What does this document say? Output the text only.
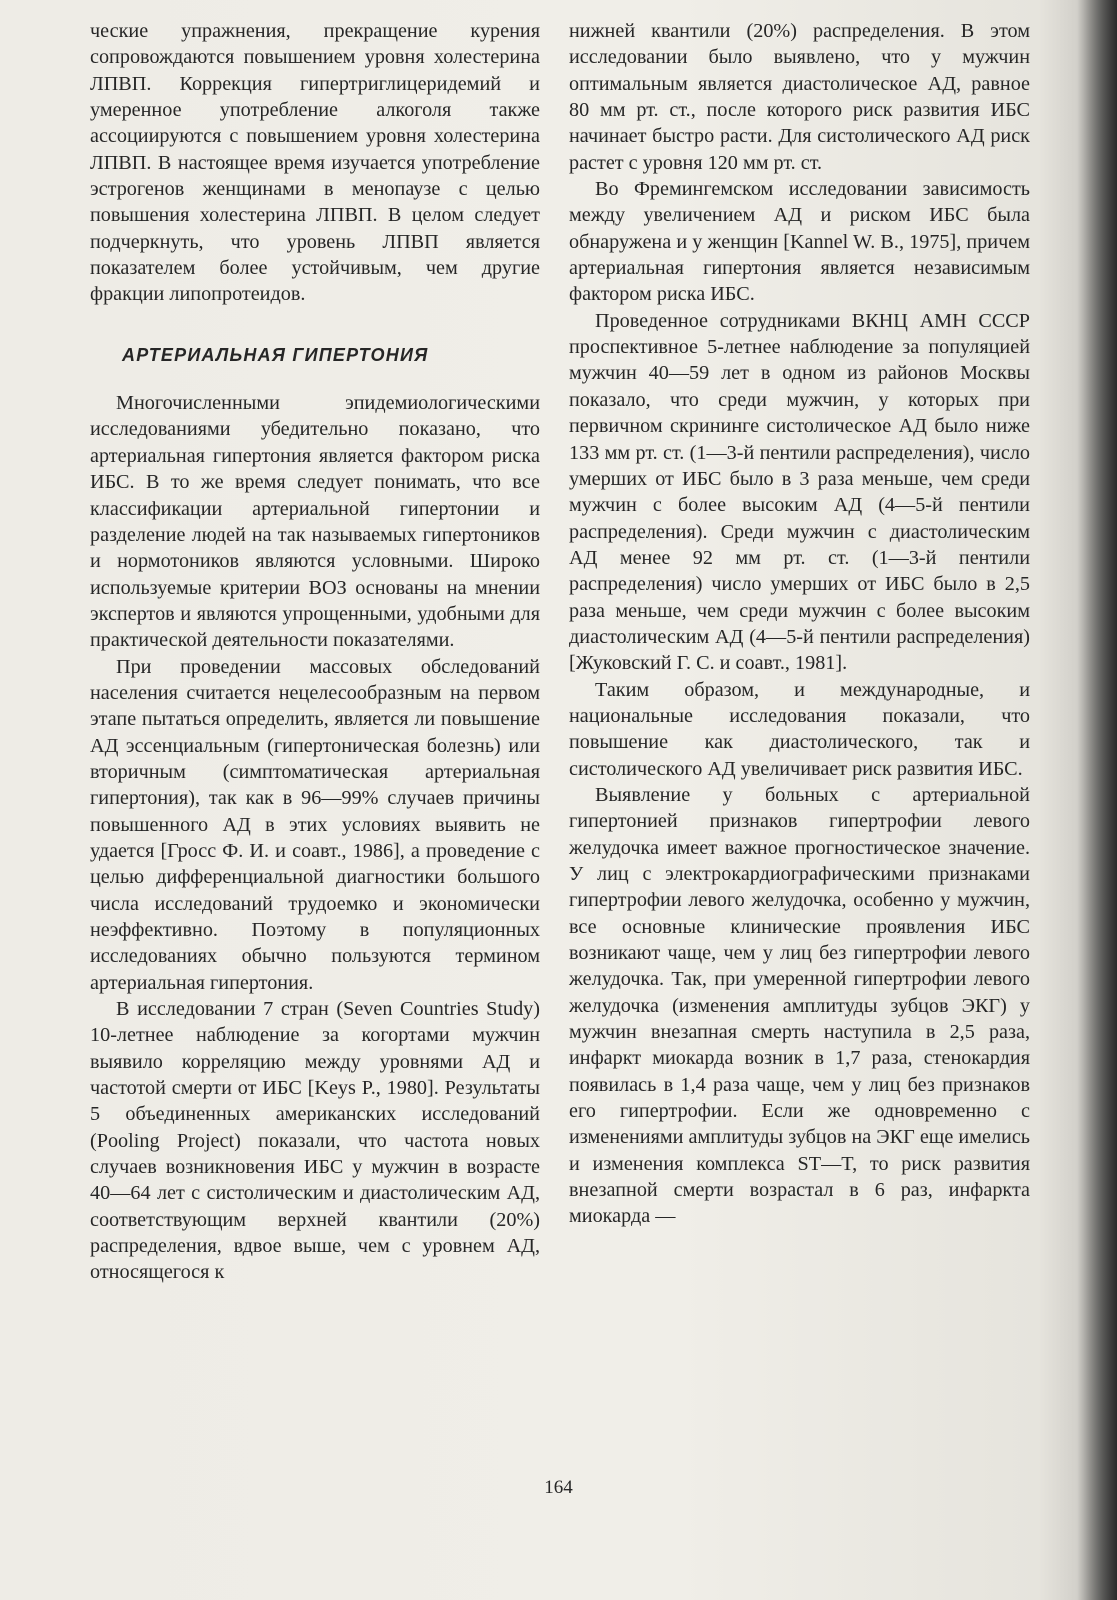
ческие упражнения, прекращение курения сопровождаются повышением уровня холестерина ЛПВП. Коррекция гипертриглицеридемий и умеренное употребление алкоголя также ассоциируются с повышением уровня холестерина ЛПВП. В настоящее время изучается употребление эстрогенов женщинами в менопаузе с целью повышения холестерина ЛПВП. В целом следует подчеркнуть, что уровень ЛПВП является показателем более устойчивым, чем другие фракции липопротеидов.

АРТЕРИАЛЬНАЯ ГИПЕРТОНИЯ

Многочисленными эпидемиологическими исследованиями убедительно показано, что артериальная гипертония является фактором риска ИБС. В то же время следует понимать, что все классификации артериальной гипертонии и разделение людей на так называемых гипертоников и нормотоников являются условными. Широко используемые критерии ВОЗ основаны на мнении экспертов и являются упрощенными, удобными для практической деятельности показателями.

При проведении массовых обследований населения считается нецелесообразным на первом этапе пытаться определить, является ли повышение АД эссенциальным (гипертоническая болезнь) или вторичным (симптоматическая артериальная гипертония), так как в 96—99% случаев причины повышенного АД в этих условиях выявить не удается [Гросс Ф. И. и соавт., 1986], а проведение с целью дифференциальной диагностики большого числа исследований трудоемко и экономически неэффективно. Поэтому в популяционных исследованиях обычно пользуются термином артериальная гипертония.

В исследовании 7 стран (Seven Countries Study) 10-летнее наблюдение за когортами мужчин выявило корреляцию между уровнями АД и частотой смерти от ИБС [Keys P., 1980]. Результаты 5 объединенных американских исследований (Pooling Project) показали, что частота новых случаев возникновения ИБС у мужчин в возрасте 40—64 лет с систолическим и диастолическим АД, соответствующим верхней квантили (20%) распределения, вдвое выше, чем с уровнем АД, относящегося к

нижней квантили (20%) распределения. В этом исследовании было выявлено, что у мужчин оптимальным является диастолическое АД, равное 80 мм рт. ст., после которого риск развития ИБС начинает быстро расти. Для систолического АД риск растет с уровня 120 мм рт. ст.

Во Фремингемском исследовании зависимость между увеличением АД и риском ИБС была обнаружена и у женщин [Kannel W. B., 1975], причем артериальная гипертония является независимым фактором риска ИБС.

Проведенное сотрудниками ВКНЦ АМН СССР проспективное 5-летнее наблюдение за популяцией мужчин 40—59 лет в одном из районов Москвы показало, что среди мужчин, у которых при первичном скрининге систолическое АД было ниже 133 мм рт. ст. (1—3-й пентили распределения), число умерших от ИБС было в 3 раза меньше, чем среди мужчин с более высоким АД (4—5-й пентили распределения). Среди мужчин с диастолическим АД менее 92 мм рт. ст. (1—3-й пентили распределения) число умерших от ИБС было в 2,5 раза меньше, чем среди мужчин с более высоким диастолическим АД (4—5-й пентили распределения) [Жуковский Г. С. и соавт., 1981].

Таким образом, и международные, и национальные исследования показали, что повышение как диастолического, так и систолического АД увеличивает риск развития ИБС.

Выявление у больных с артериальной гипертонией признаков гипертрофии левого желудочка имеет важное прогностическое значение. У лиц с электрокардиографическими признаками гипертрофии левого желудочка, особенно у мужчин, все основные клинические проявления ИБС возникают чаще, чем у лиц без гипертрофии левого желудочка. Так, при умеренной гипертрофии левого желудочка (изменения амплитуды зубцов ЭКГ) у мужчин внезапная смерть наступила в 2,5 раза, инфаркт миокарда возник в 1,7 раза, стенокардия появилась в 1,4 раза чаще, чем у лиц без признаков его гипертрофии. Если же одновременно с изменениями амплитуды зубцов на ЭКГ еще имелись и изменения комплекса ST—T, то риск развития внезапной смерти возрастал в 6 раз, инфаркта миокарда —

164
